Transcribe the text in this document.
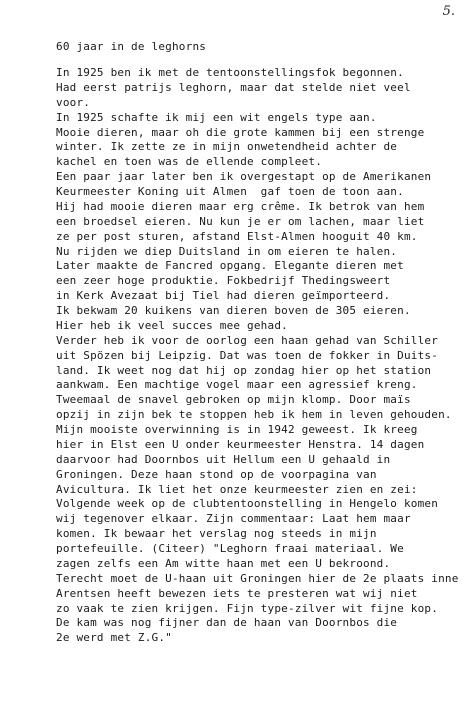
5.
60 jaar in de leghorns
In 1925 ben ik met de tentoonstellingsfok begonnen.
Had eerst patrijs leghorn, maar dat stelde niet veel
voor.
In 1925 schafte ik mij een wit engels type aan.
Mooie dieren, maar oh die grote kammen bij een strenge
winter. Ik zette ze in mijn onwetendheid achter de
kachel en toen was de ellende compleet.
Een paar jaar later ben ik overgestapt op de Amerikanen
Keurmeester Koning uit Almen  gaf toen de toon aan.
Hij had mooie dieren maar erg crême. Ik betrok van hem
een broedsel eieren. Nu kun je er om lachen, maar liet
ze per post sturen, afstand Elst-Almen hooguit 40 km.
Nu rijden we diep Duitsland in om eieren te halen.
Later maakte de Fancred opgang. Elegante dieren met
een zeer hoge produktie. Fokbedrijf Thedingsweert
in Kerk Avezaat bij Tiel had dieren geïmporteerd.
Ik bekwam 20 kuikens van dieren boven de 305 eieren.
Hier heb ik veel succes mee gehad.
Verder heb ik voor de oorlog een haan gehad van Schiller
uit Spözen bij Leipzig. Dat was toen de fokker in Duits-
land. Ik weet nog dat hij op zondag hier op het station
aankwam. Een machtige vogel maar een agressief kreng.
Tweemaal de snavel gebroken op mijn klomp. Door maïs
opzij in zijn bek te stoppen heb ik hem in leven gehouden.
Mijn mooiste overwinning is in 1942 geweest. Ik kreeg
hier in Elst een U onder keurmeester Henstra. 14 dagen
daarvoor had Doornbos uit Hellum een U gehaald in
Groningen. Deze haan stond op de voorpagina van
Avicultura. Ik liet het onze keurmeester zien en zei:
Volgende week op de clubtentoonstelling in Hengelo komen
wij tegenover elkaar. Zijn commentaar: Laat hem maar
komen. Ik bewaar het verslag nog steeds in mijn
portefeuille. (Citeer) "Leghorn fraai materiaal. We
zagen zelfs een Am witte haan met een U bekroond.
Terecht moet de U-haan uit Groningen hier de 2e plaats inne
Arentsen heeft bewezen iets te presteren wat wij niet
zo vaak te zien krijgen. Fijn type-zilver wit fijne kop.
De kam was nog fijner dan de haan van Doornbos die
2e werd met Z.G."
